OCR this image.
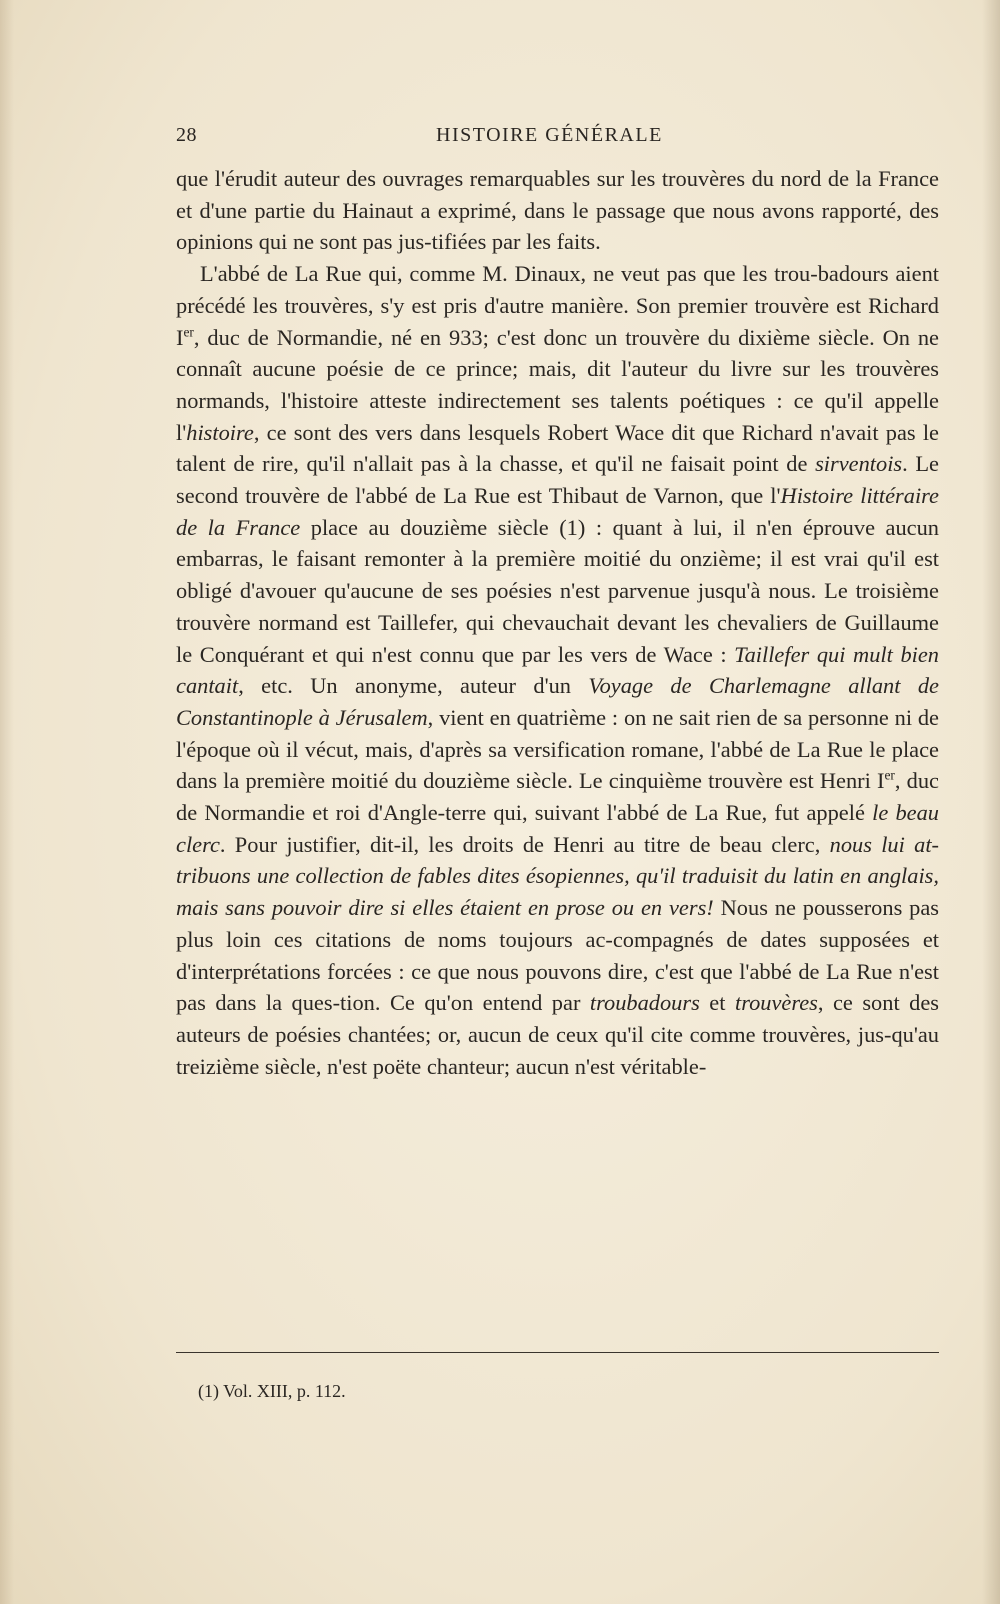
28	HISTOIRE GÉNÉRALE

que l'érudit auteur des ouvrages remarquables sur les trouvères du nord de la France et d'une partie du Hainaut a exprimé, dans le passage que nous avons rapporté, des opinions qui ne sont pas jus-tifiées par les faits.

L'abbé de La Rue qui, comme M. Dinaux, ne veut pas que les trou-badours aient précédé les trouvères, s'y est pris d'autre manière. Son premier trouvère est Richard Ier, duc de Normandie, né en 933; c'est donc un trouvère du dixième siècle. On ne connaît aucune poésie de ce prince; mais, dit l'auteur du livre sur les trouvères normands, l'histoire atteste indirectement ses talents poétiques : ce qu'il appelle l'histoire, ce sont des vers dans lesquels Robert Wace dit que Richard n'avait pas le talent de rire, qu'il n'allait pas à la chasse, et qu'il ne faisait point de sirventois. Le second trouvère de l'abbé de La Rue est Thibaut de Varnon, que l'Histoire littéraire de la France place au douzième siècle (1) : quant à lui, il n'en éprouve aucun embarras, le faisant remonter à la première moitié du onzième; il est vrai qu'il est obligé d'avouer qu'aucune de ses poésies n'est parvenue jusqu'à nous. Le troisième trouvère normand est Taillefer, qui chevauchait devant les chevaliers de Guillaume le Conquérant et qui n'est connu que par les vers de Wace : Taillefer qui mult bien cantait, etc. Un anonyme, auteur d'un Voyage de Charlemagne allant de Constantinople à Jérusalem, vient en quatrième : on ne sait rien de sa personne ni de l'époque où il vécut, mais, d'après sa versification romane, l'abbé de La Rue le place dans la première moitié du douzième siècle. Le cinquième trouvère est Henri Ier, duc de Normandie et roi d'Angle-terre qui, suivant l'abbé de La Rue, fut appelé le beau clerc. Pour justifier, dit-il, les droits de Henri au titre de beau clerc, nous lui at-tribuons une collection de fables dites ésopiennes, qu'il traduisit du latin en anglais, mais sans pouvoir dire si elles étaient en prose ou en vers! Nous ne pousserons pas plus loin ces citations de noms toujours ac-compagnés de dates supposées et d'interprétations forcées : ce que nous pouvons dire, c'est que l'abbé de La Rue n'est pas dans la ques-tion. Ce qu'on entend par troubadours et trouvères, ce sont des auteurs de poésies chantées; or, aucun de ceux qu'il cite comme trouvères, jus-qu'au treizième siècle, n'est poëte chanteur; aucun n'est véritable-

(1) Vol. XIII, p. 112.
